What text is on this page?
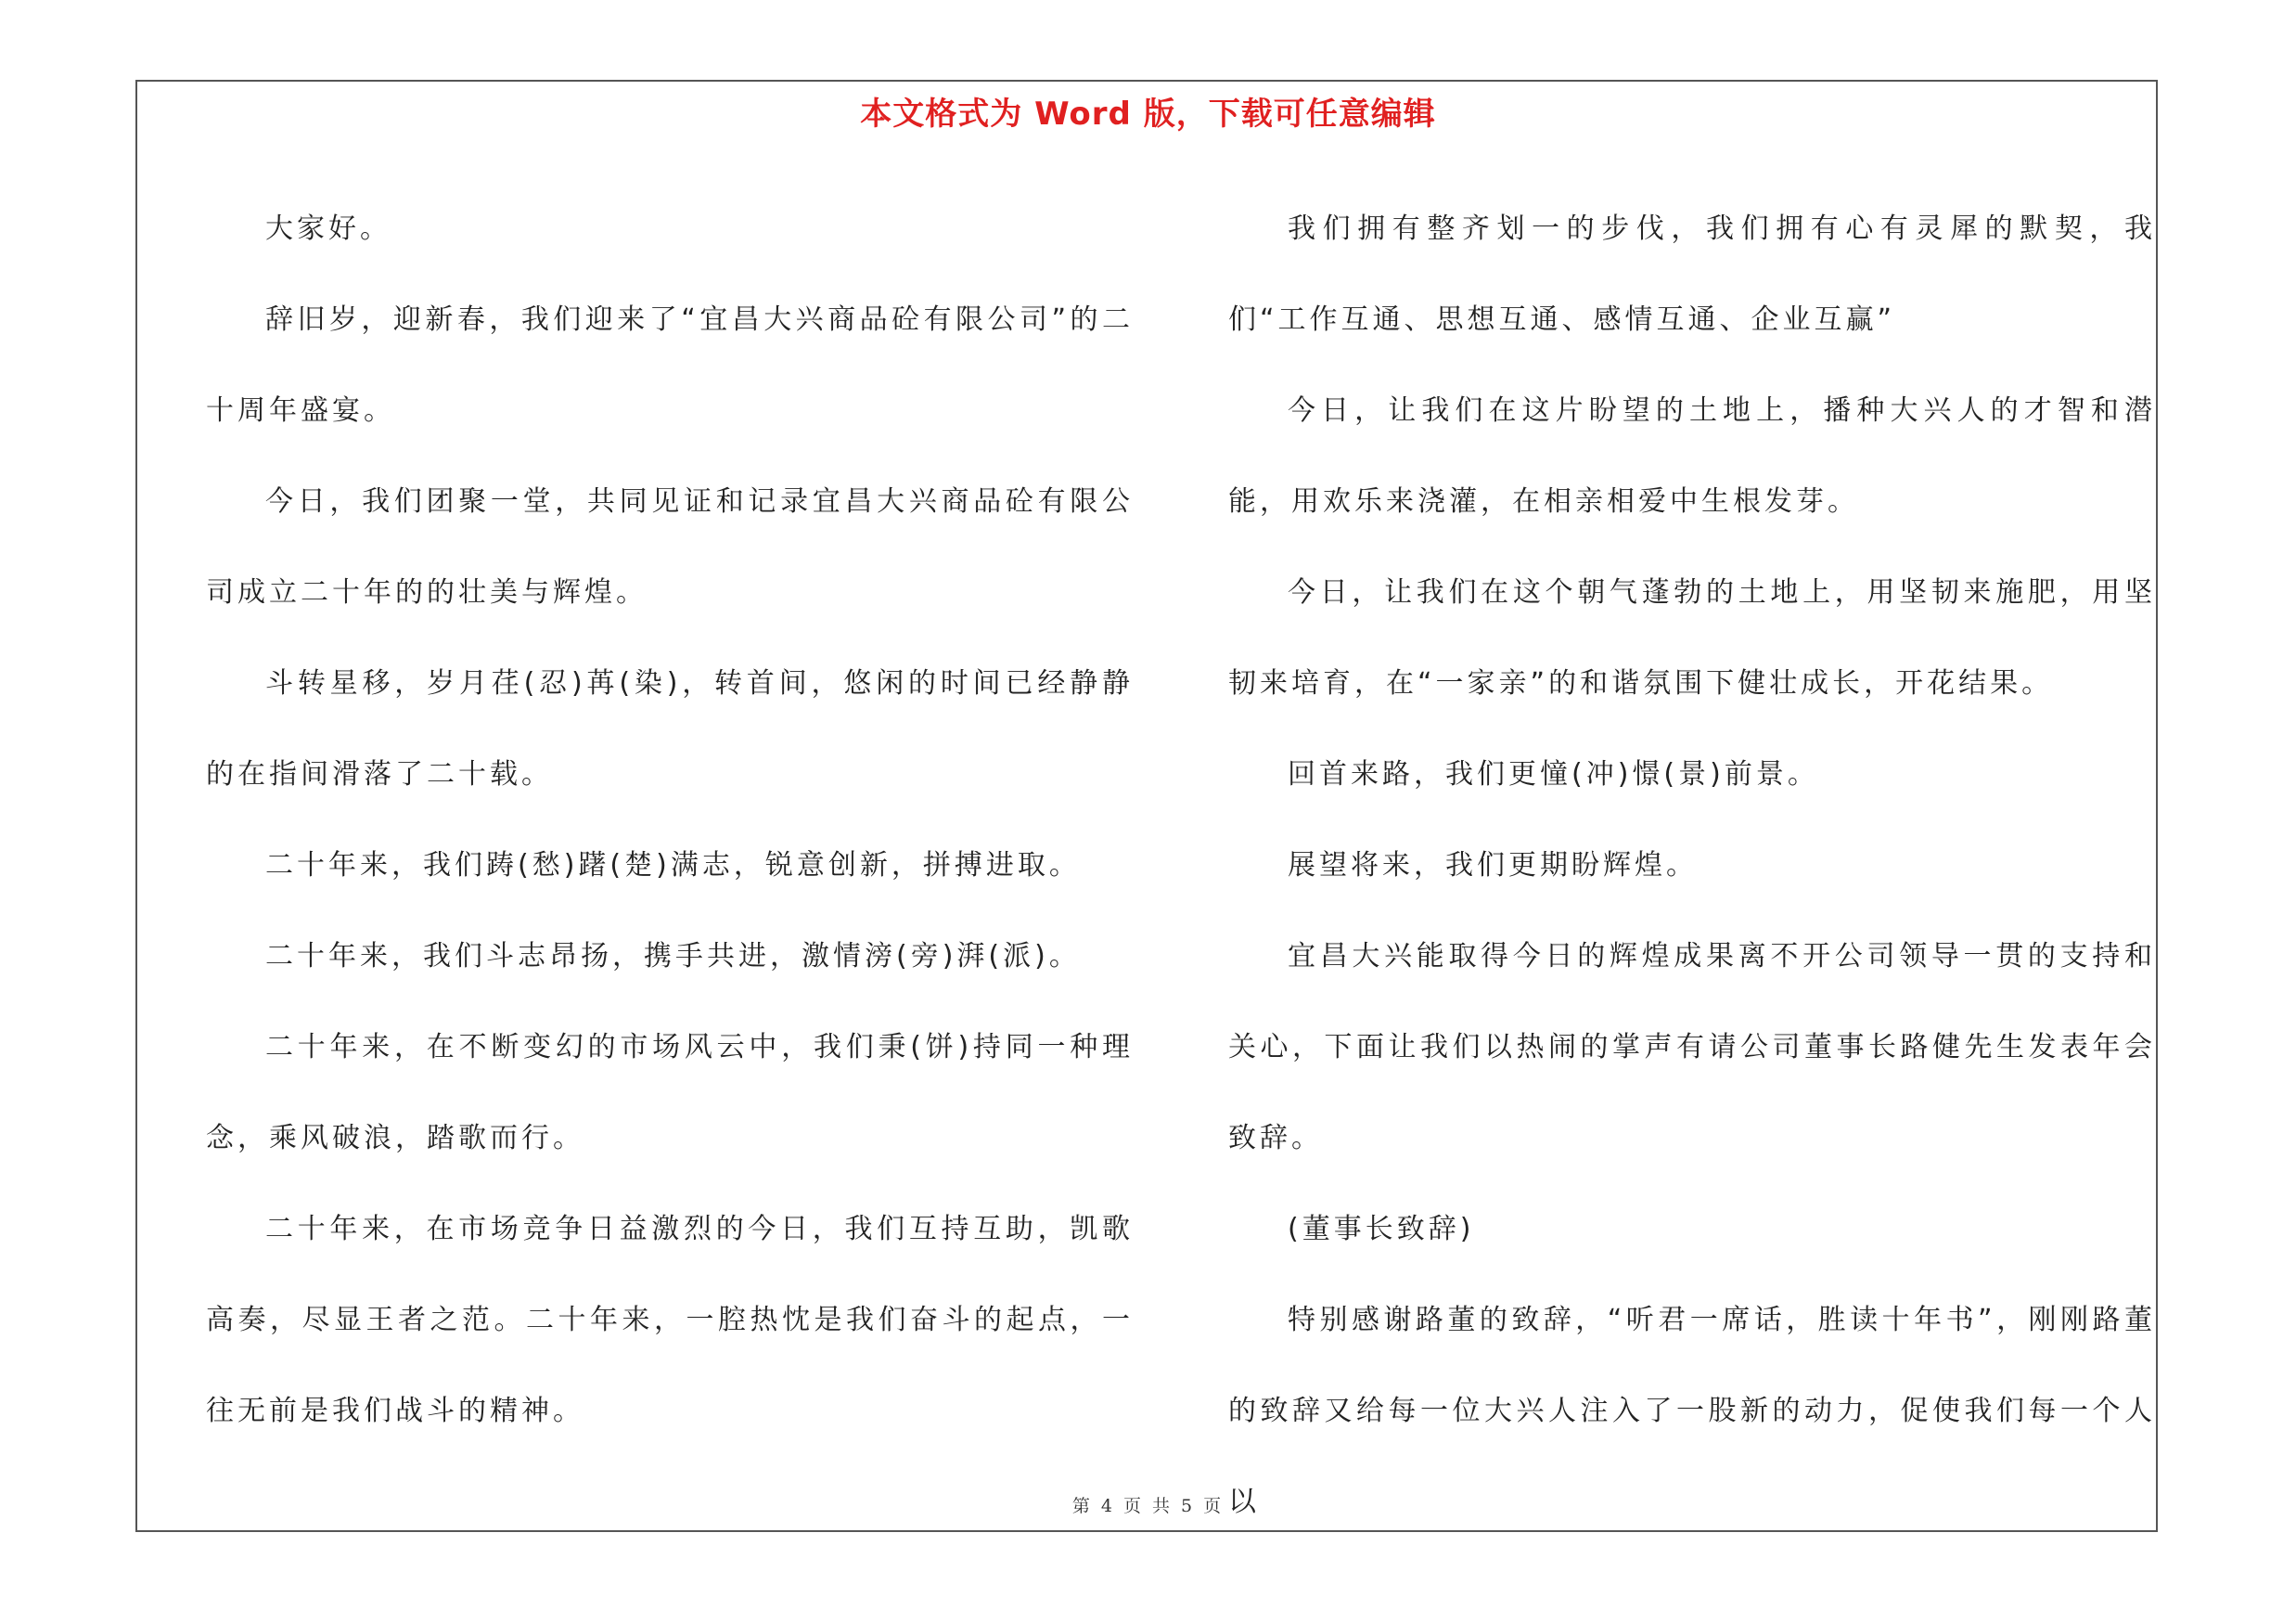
本文格式为 Word 版，下载可任意编辑

大家好。

辞旧岁，迎新春，我们迎来了“宜昌大兴商品砼有限公司”的二十周年盛宴。

今日，我们团聚一堂，共同见证和记录宜昌大兴商品砼有限公司成立二十年的的壮美与辉煌。

斗转星移，岁月荏(忍)苒(染)，转首间，悠闲的时间已经静静的在指间滑落了二十载。

二十年来，我们踌(愁)躇(楚)满志，锐意创新，拼搏进取。

二十年来，我们斗志昂扬，携手共进，激情滂(旁)湃(派)。

二十年来，在不断变幻的市场风云中，我们秉(饼)持同一种理念，乘风破浪，踏歌而行。

二十年来，在市场竞争日益激烈的今日，我们互持互助，凯歌高奏，尽显王者之范。二十年来，一腔热忱是我们奋斗的起点，一往无前是我们战斗的精神。

我们拥有整齐划一的步伐，我们拥有心有灵犀的默契，我们“工作互通、思想互通、感情互通、企业互赢”

今日，让我们在这片盼望的土地上，播种大兴人的才智和潜能，用欢乐来浇灌，在相亲相爱中生根发芽。

今日，让我们在这个朝气蓬勃的土地上，用坚韧来施肥，用坚韧来培育，在“一家亲”的和谐氛围下健壮成长，开花结果。

回首来路，我们更憧(冲)憬(景)前景。

展望将来，我们更期盼辉煌。

宜昌大兴能取得今日的辉煌成果离不开公司领导一贯的支持和关心，下面让我们以热闹的掌声有请公司董事长路健先生发表年会致辞。

(董事长致辞)

特别感谢路董的致辞，“听君一席话，胜读十年书”，刚刚路董的致辞又给每一位大兴人注入了一股新的动力，促使我们每一个人以

第 4 页 共 5 页
